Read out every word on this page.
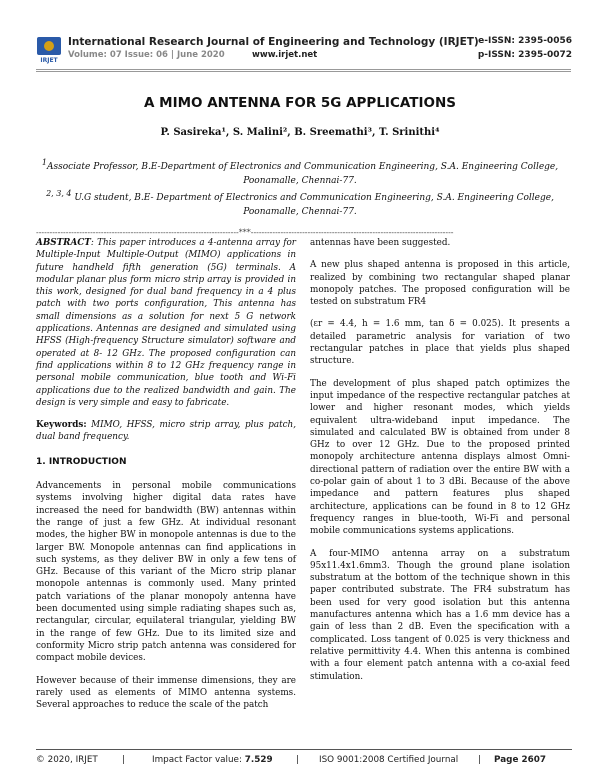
IRJET
International Research Journal of Engineering and Technology (IRJET)
Volume: 07 Issue: 06 | June 2020	www.irjet.net
e-ISSN: 2395-0056
p-ISSN: 2395-0072
A MIMO ANTENNA FOR 5G APPLICATIONS
P. Sasireka¹, S. Malini², B. Sreemathi³, T. Srinithi⁴
$^1$Associate Professor, B.E-Department of Electronics and Communication Engineering, S.A. Engineering College, Poonamalle, Chennai-77.
$^{2, 3, 4}$ U.G student, B.E- Department of Electronics and Communication Engineering, S.A. Engineering College, Poonamalle, Chennai-77.
---------------------------------------------------------------------------***---------------------------------------------------------------------------

ABSTRACT: This paper introduces a 4-antenna array for Multiple-Input Multiple-Output (MIMO) applications in future handheld fifth generation (5G) terminals. A modular planar plus form micro strip array is provided in this work, designed for dual band frequency in a 4 plus patch with two ports configuration, This antenna has small dimensions as a solution for next 5 G network applications. Antennas are designed and simulated using HFSS (High-frequency Structure simulator) software and operated at 8- 12 GHz. The proposed configuration can find applications within 8 to 12 GHz frequency range in personal mobile communication, blue tooth and Wi-Fi applications due to the realized bandwidth and gain. The design is very simple and easy to fabricate.

Keywords: MIMO, HFSS, micro strip array, plus patch, dual band frequency.

1. INTRODUCTION

Advancements in personal mobile communications systems involving higher digital data rates have increased the need for bandwidth (BW) antennas within the range of just a few GHz. At individual resonant modes, the higher BW in monopole antennas is due to the larger BW. Monopole antennas can find applications in such systems, as they deliver BW in only a few tens of GHz. Because of this variant of the Micro strip planar monopole antennas is commonly used. Many printed patch variations of the planar monopoly antenna have been documented using simple radiating shapes such as, rectangular, circular, equilateral triangular, yielding BW in the range of few GHz. Due to its limited size and conformity Micro strip patch antenna was considered for compact mobile devices.

However because of their immense dimensions, they are rarely used as elements of MIMO antenna systems. Several approaches to reduce the scale of the patch

antennas have been suggested.

A new plus shaped antenna is proposed in this article, realized by combining two rectangular shaped planar monopoly patches. The proposed configuration will be tested on substratum FR4

(εr = 4.4, h = 1.6 mm, tan δ = 0.025). It presents a detailed parametric analysis for variation of two rectangular patches in place that yields plus shaped structure.

The development of plus shaped patch optimizes the input impedance of the respective rectangular patches at lower and higher resonant modes, which yields equivalent ultra-wideband input impedance. The simulated and calculated BW is obtained from under 8 GHz to over 12 GHz. Due to the proposed printed monopoly architecture antenna displays almost Omni-directional pattern of radiation over the entire BW with a co-polar gain of about 1 to 3 dBi. Because of the above impedance and pattern features plus shaped architecture, applications can be found in 8 to 12 GHz frequency ranges in blue-tooth, Wi-Fi and personal mobile communications systems applications.

A four-MIMO antenna array on a substratum 95x11.4x1.6mm3. Though the ground plane isolation substratum at the bottom of the technique shown in this paper contributed substrate. The FR4 substratum has been used for very good isolation but this antenna manufactures antenna which has a 1.6 mm device has a gain of less than 2 dB. Even the specification with a complicated. Loss tangent of 0.025 is very thickness and relative permittivity 4.4. When this antenna is combined with a four element patch antenna with a co-axial feed stimulation.

© 2020, IRJET	|	Impact Factor value: 7.529	| ISO 9001:2008 Certified Journal | Page 2607
